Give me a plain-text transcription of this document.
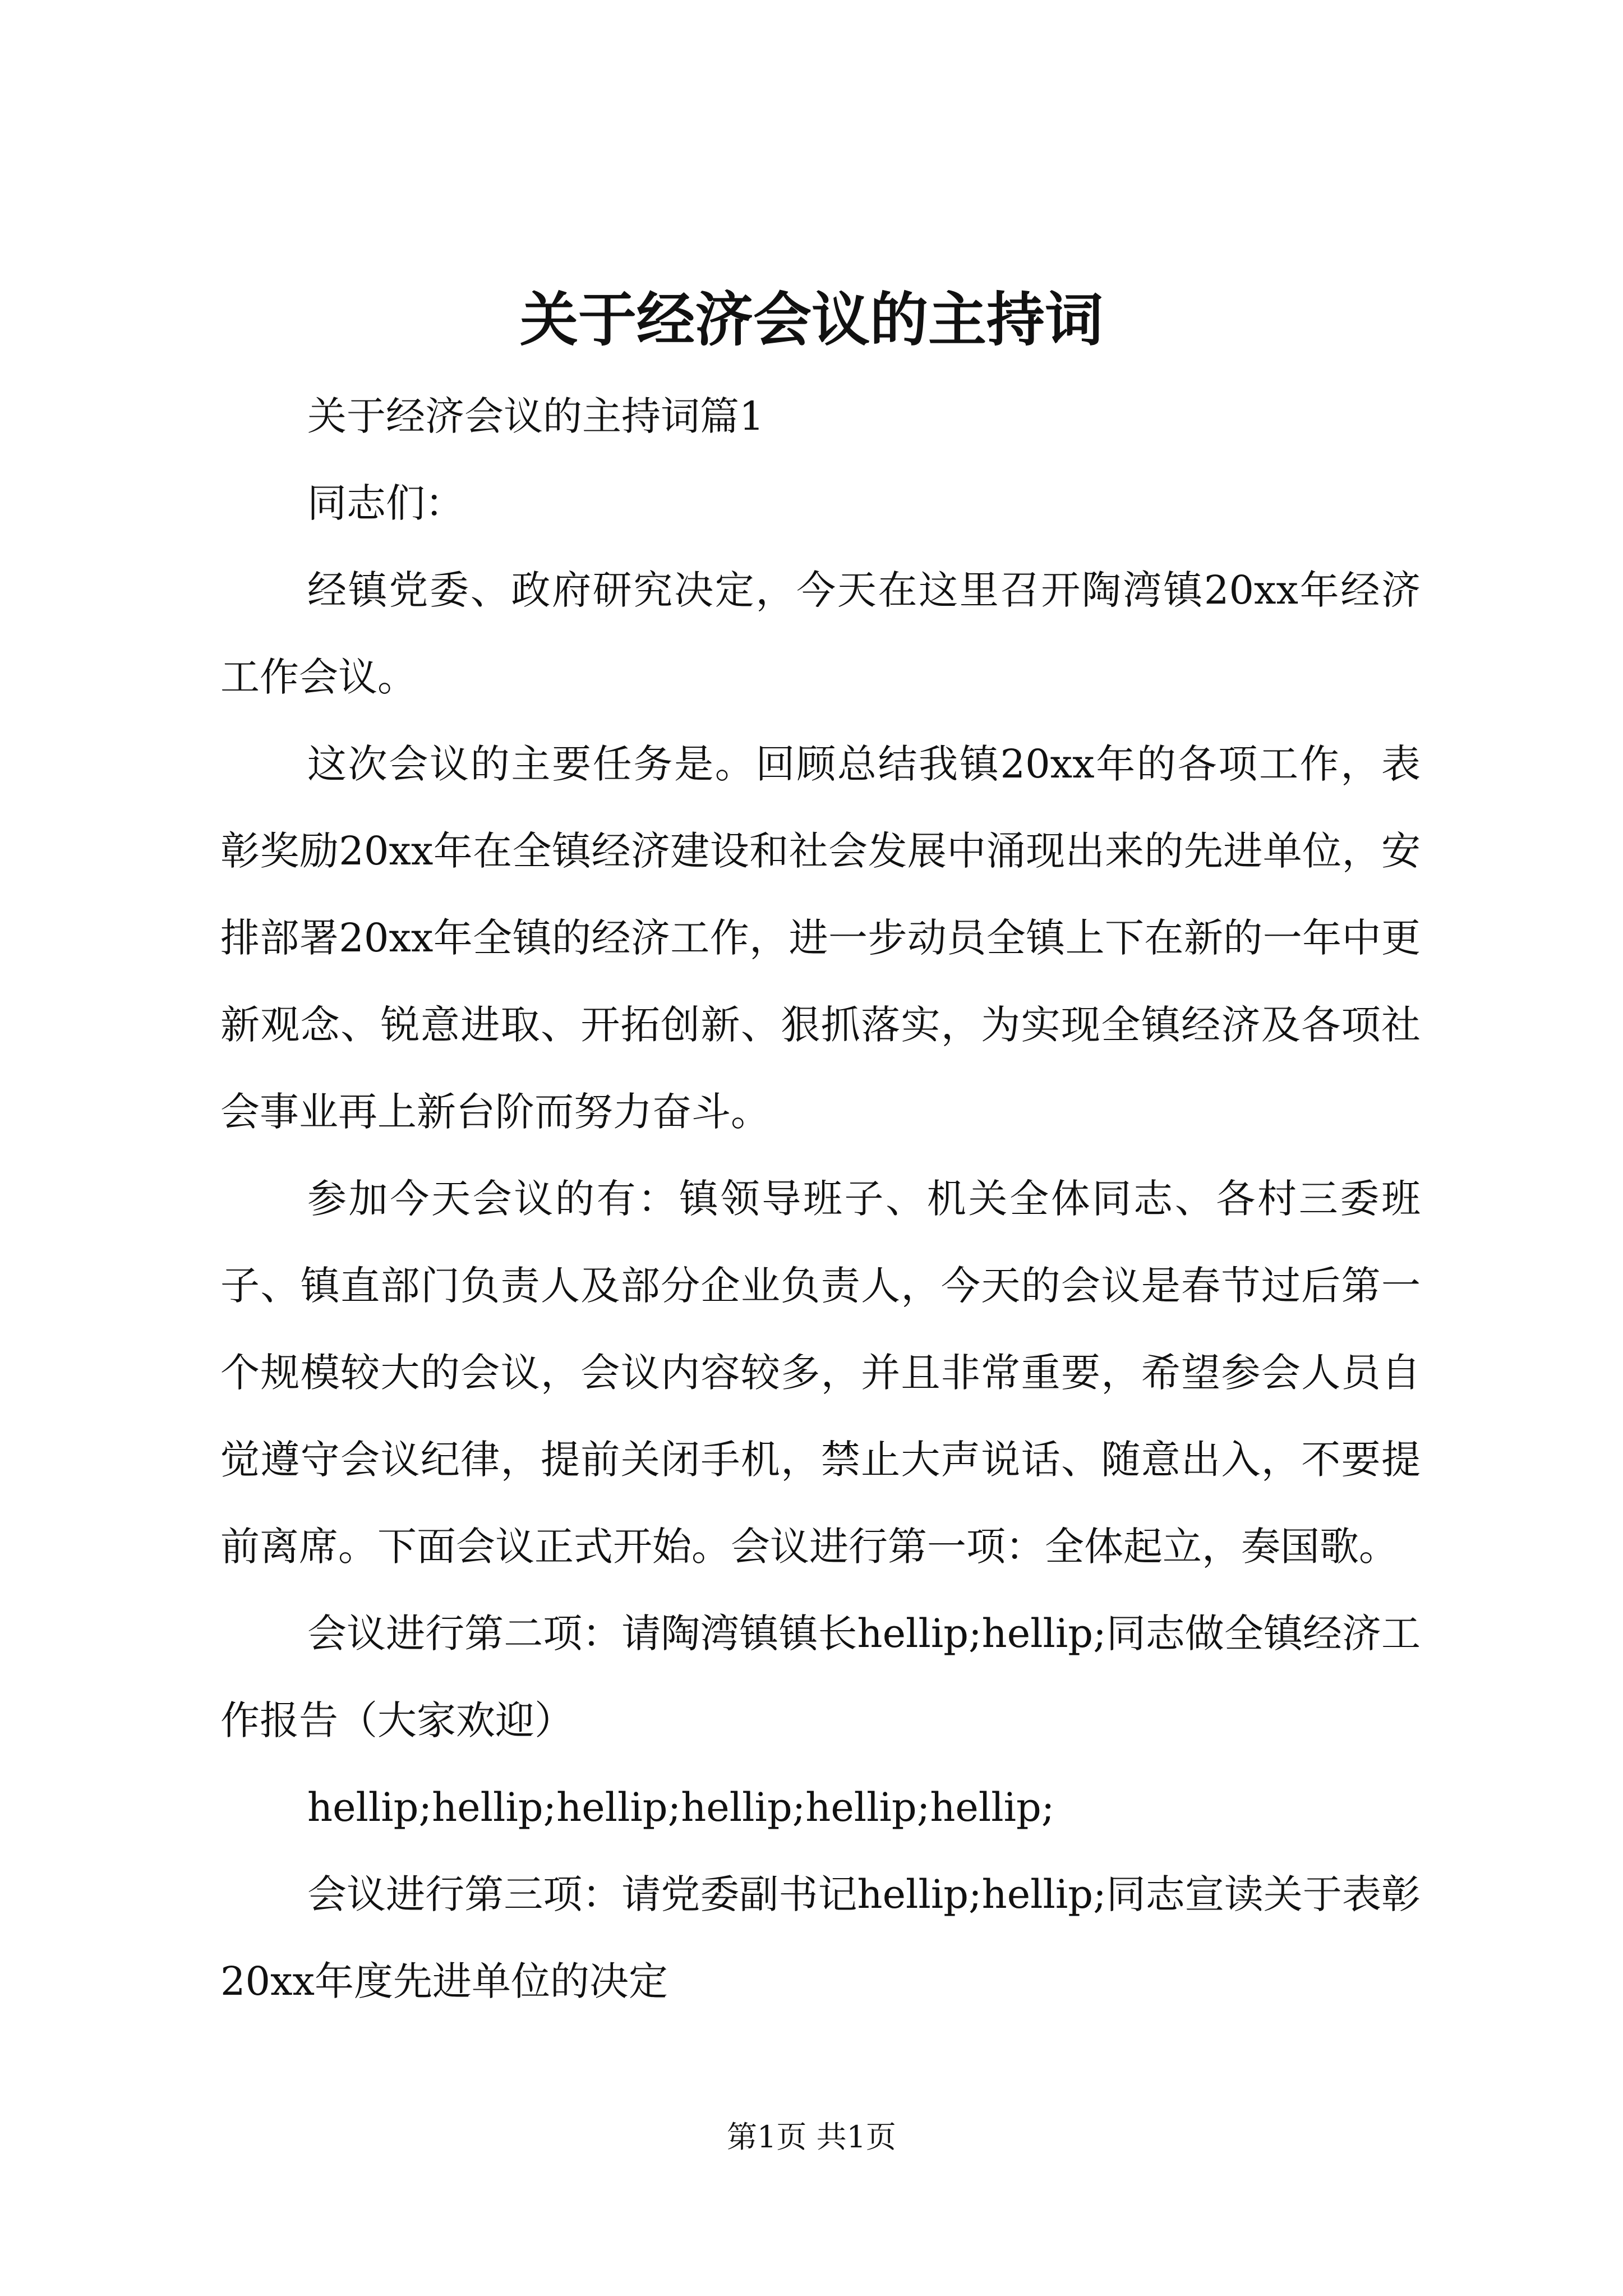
关于经济会议的主持词

关于经济会议的主持词篇1

同志们：

经镇党委、政府研究决定，今天在这里召开陶湾镇20xx年经济工作会议。

这次会议的主要任务是。回顾总结我镇20xx年的各项工作，表彰奖励20xx年在全镇经济建设和社会发展中涌现出来的先进单位，安排部署20xx年全镇的经济工作，进一步动员全镇上下在新的一年中更新观念、锐意进取、开拓创新、狠抓落实，为实现全镇经济及各项社会事业再上新台阶而努力奋斗。

参加今天会议的有：镇领导班子、机关全体同志、各村三委班子、镇直部门负责人及部分企业负责人，今天的会议是春节过后第一个规模较大的会议，会议内容较多，并且非常重要，希望参会人员自觉遵守会议纪律，提前关闭手机，禁止大声说话、随意出入，不要提前离席。下面会议正式开始。会议进行第一项：全体起立，奏国歌。

会议进行第二项：请陶湾镇镇长hellip;hellip;同志做全镇经济工作报告（大家欢迎）

hellip;hellip;hellip;hellip;hellip;hellip;

会议进行第三项：请党委副书记hellip;hellip;同志宣读关于表彰20xx年度先进单位的决定

第1页 共1页
